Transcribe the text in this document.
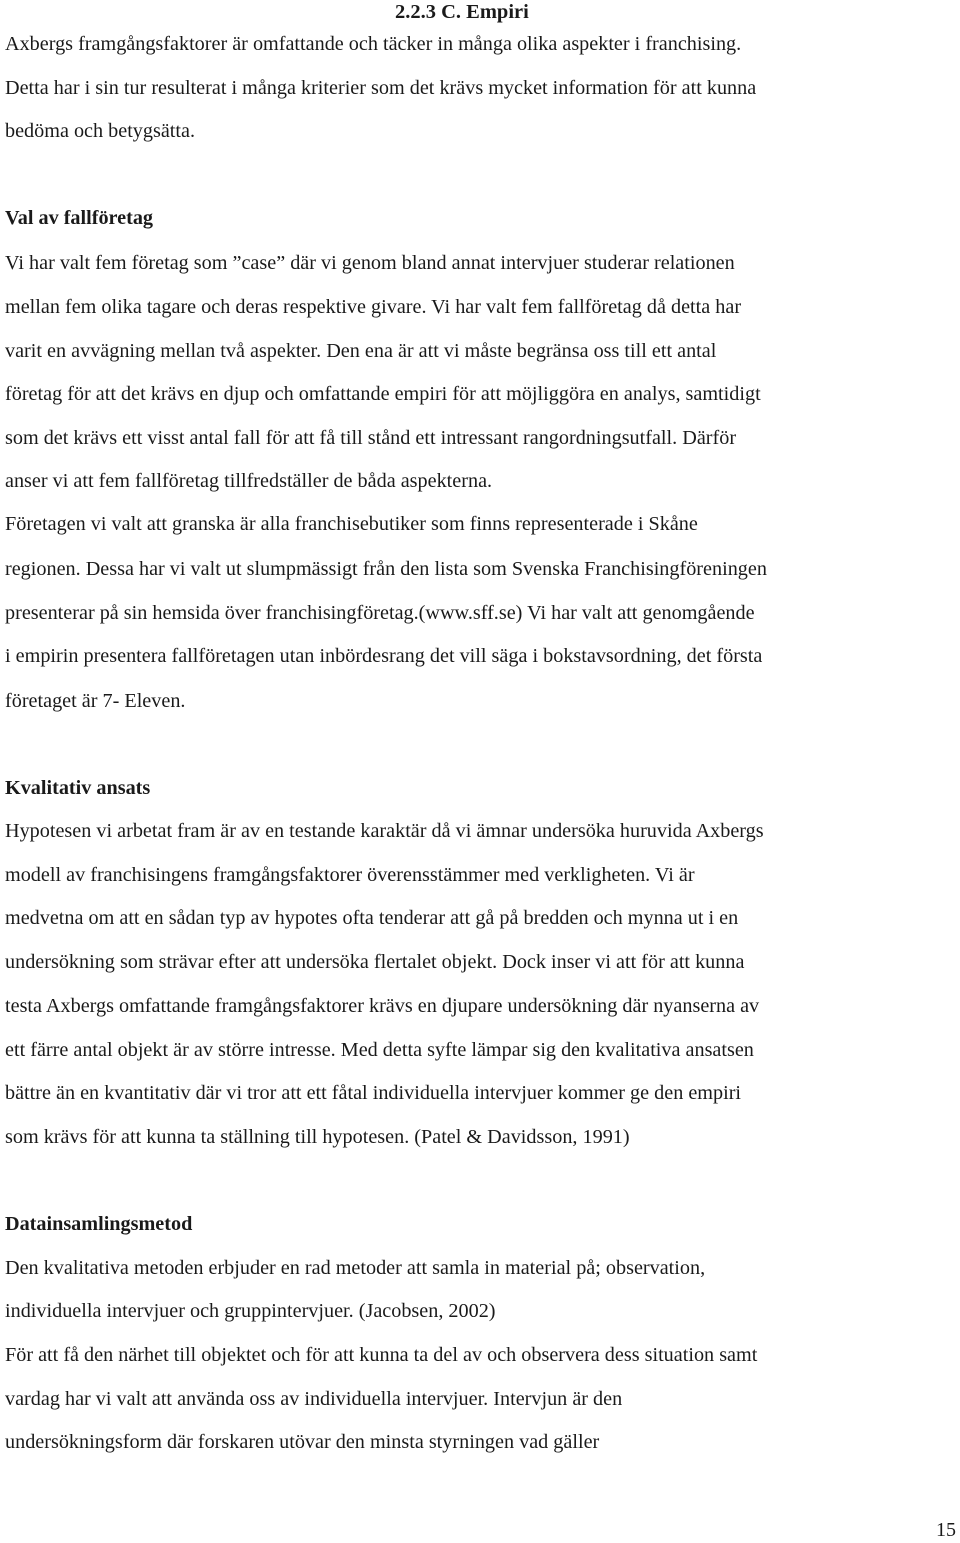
2.2.3 C. Empiri
Axbergs framgångsfaktorer är omfattande och täcker in många olika aspekter i franchising.
Detta har i sin tur resulterat i många kriterier som det krävs mycket information för att kunna
bedöma och betygsätta.
Val av fallföretag
Vi har valt fem företag som ”case” där vi genom bland annat intervjuer studerar relationen
mellan fem olika tagare och deras respektive givare. Vi har valt fem fallföretag då detta har
varit en avvägning mellan två aspekter. Den ena är att vi måste begränsa oss till ett antal
företag för att det krävs en djup och omfattande empiri för att möjliggöra en analys, samtidigt
som det krävs ett visst antal fall för att få till stånd ett intressant rangordningsutfall. Därför
anser vi att fem fallföretag tillfredställer de båda aspekterna.
Företagen vi valt att granska är alla franchisebutiker som finns representerade i Skåne
regionen. Dessa har vi valt ut slumpmässigt från den lista som Svenska Franchisingföreningen
presenterar på sin hemsida över franchisingföretag.(www.sff.se) Vi har valt att genomgående
i empirin presentera fallföretagen utan inbördesrang det vill säga i bokstavsordning, det första
företaget är 7- Eleven.
Kvalitativ ansats
Hypotesen vi arbetat fram är av en testande karaktär då vi ämnar undersöka huruvida Axbergs
modell av franchisingens framgångsfaktorer överensstämmer med verkligheten. Vi är
medvetna om att en sådan typ av hypotes ofta tenderar att gå på bredden och mynna ut i en
undersökning som strävar efter att undersöka flertalet objekt. Dock inser vi att för att kunna
testa Axbergs omfattande framgångsfaktorer krävs en djupare undersökning där nyanserna av
ett färre antal objekt är av större intresse. Med detta syfte lämpar sig den kvalitativa ansatsen
bättre än en kvantitativ där vi tror att ett fåtal individuella intervjuer kommer ge den empiri
som krävs för att kunna ta ställning till hypotesen. (Patel & Davidsson, 1991)
Datainsamlingsmetod
Den kvalitativa metoden erbjuder en rad metoder att samla in material på; observation,
individuella intervjuer och gruppintervjuer. (Jacobsen, 2002)
För att få den närhet till objektet och för att kunna ta del av och observera dess situation samt
vardag har vi valt att använda oss av individuella intervjuer. Intervjun är den
undersökningsform där forskaren utövar den minsta styrningen vad gäller
15
